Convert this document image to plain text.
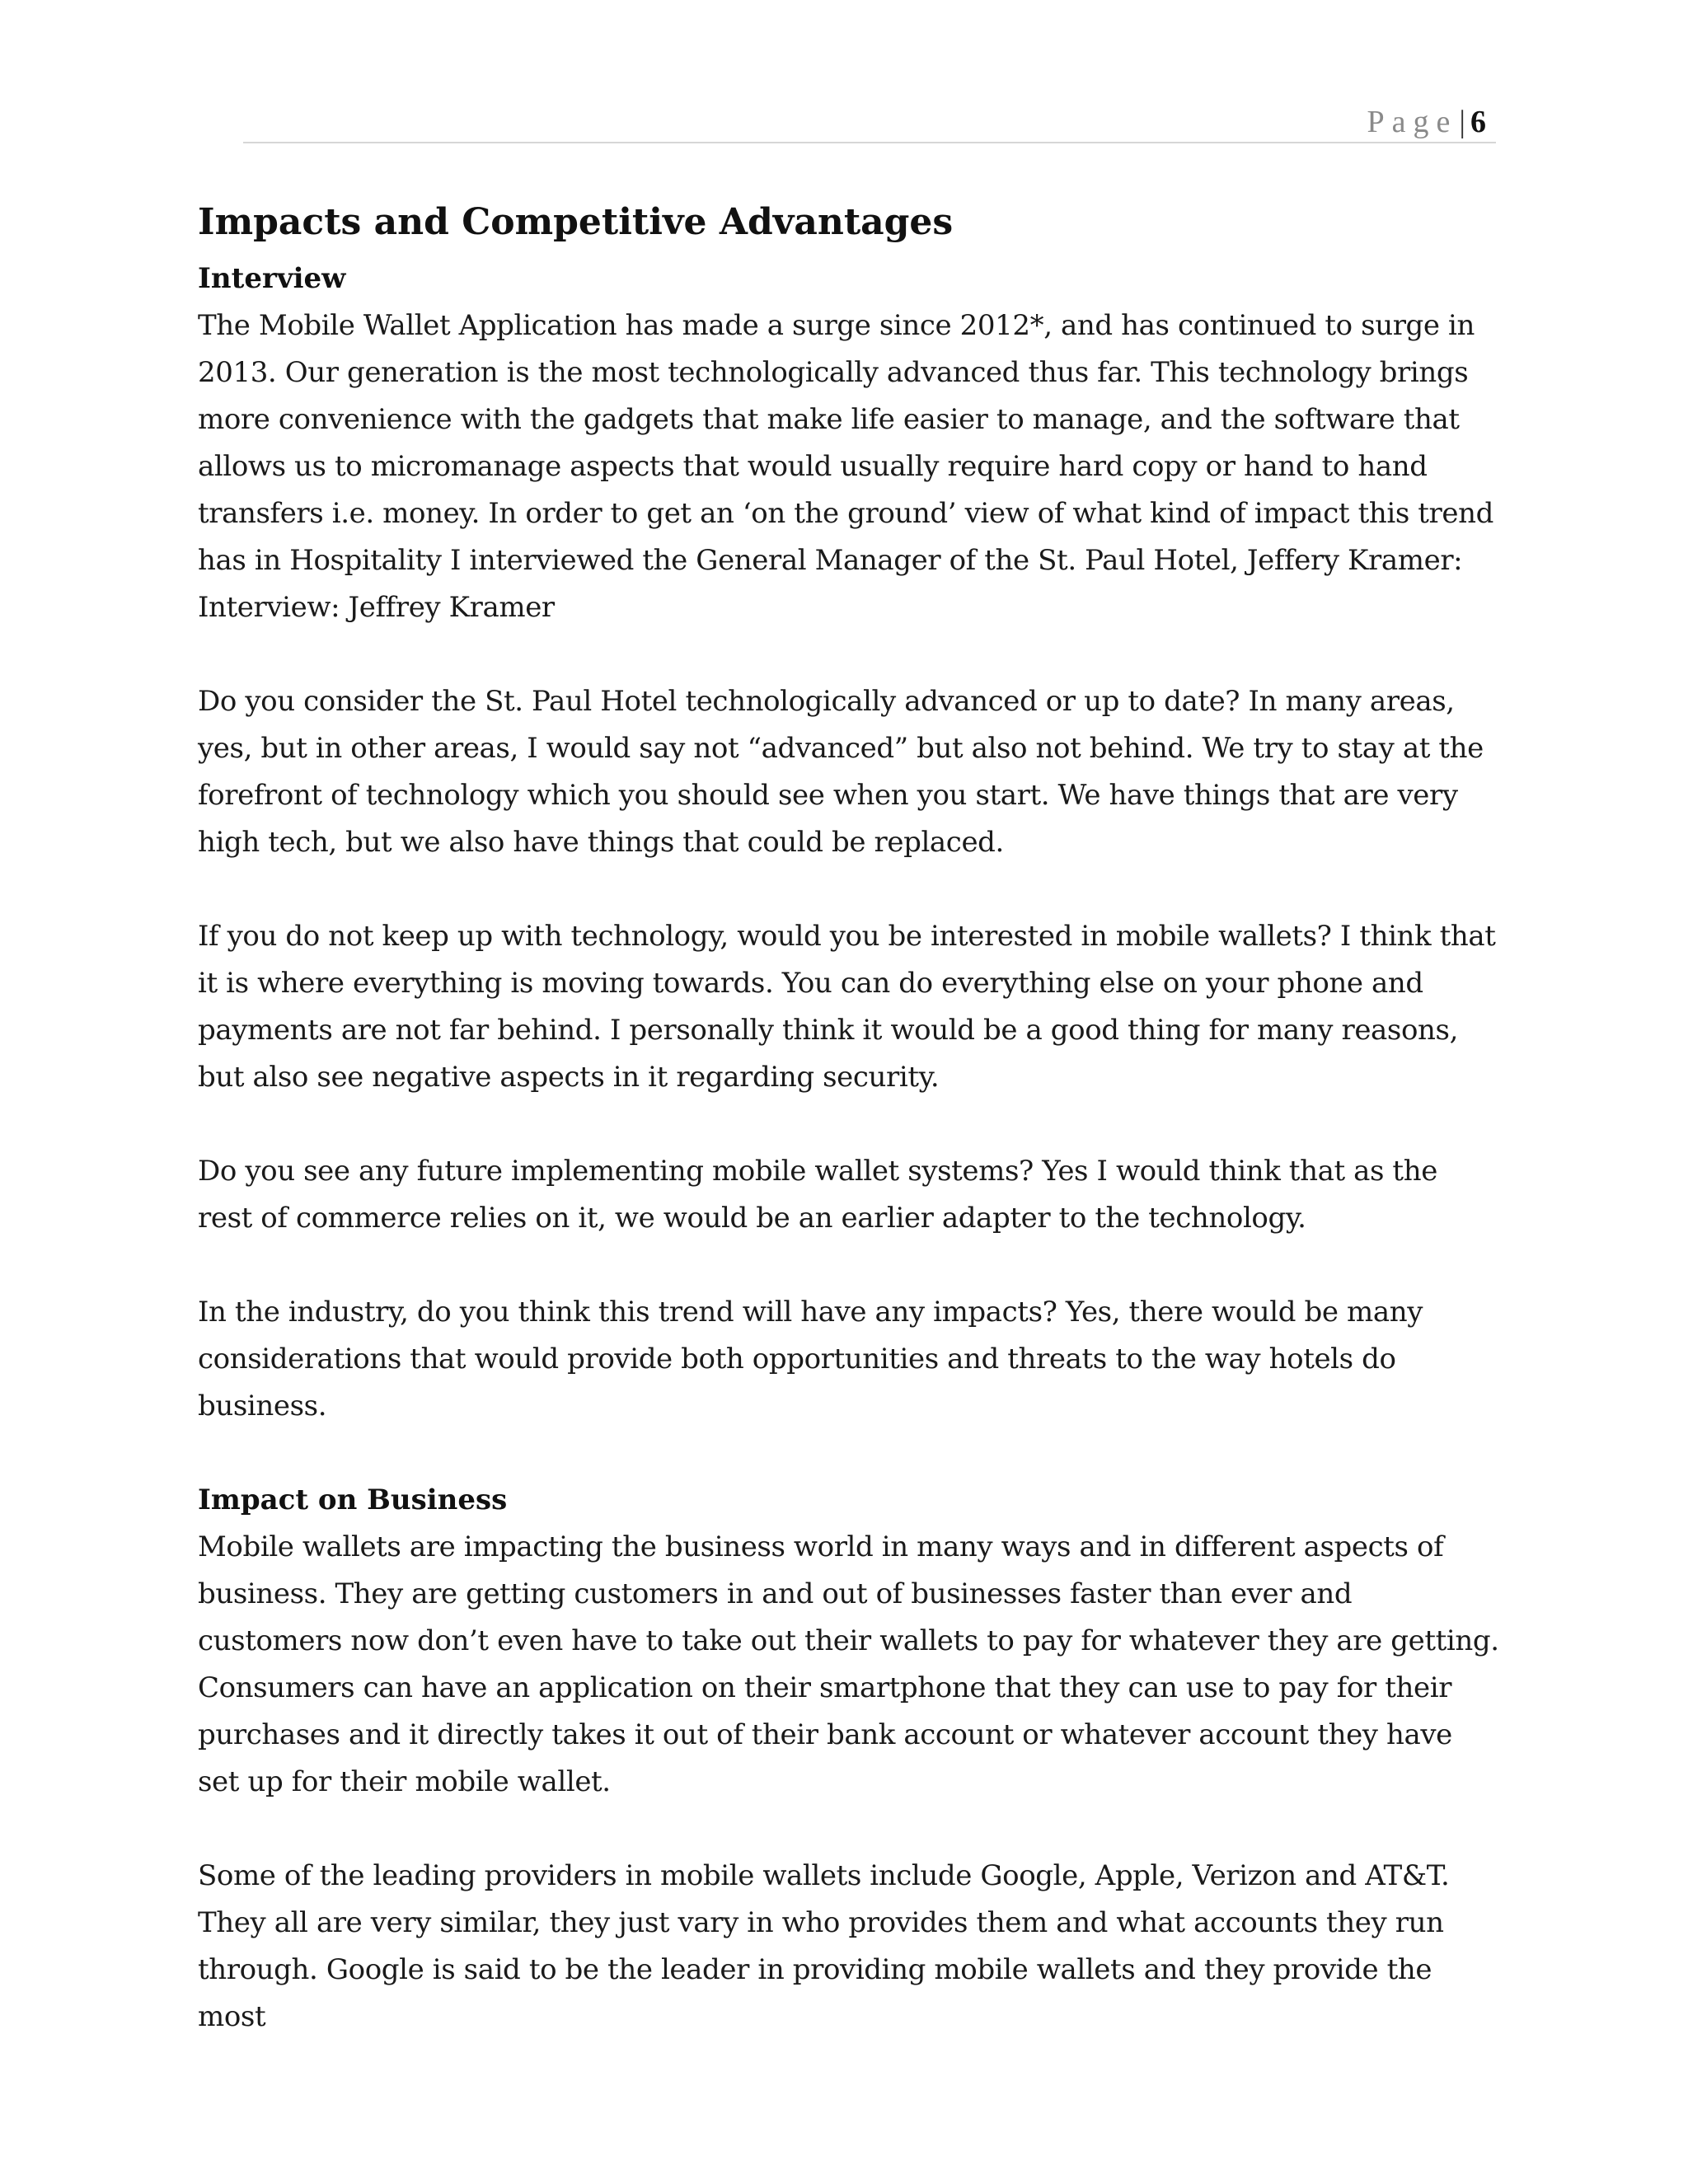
Page| 6
Impacts and Competitive Advantages
Interview

The Mobile Wallet Application has made a surge since 2012*, and has continued to surge in 2013. Our generation is the most technologically advanced thus far. This technology brings more convenience with the gadgets that make life easier to manage, and the software that allows us to micromanage aspects that would usually require hard copy or hand to hand transfers i.e. money. In order to get an ‘on the ground’ view of what kind of impact this trend has in Hospitality I interviewed the General Manager of the St. Paul Hotel, Jeffery Kramer:

Interview: Jeffrey Kramer

Do you consider the St. Paul Hotel technologically advanced or up to date? In many areas, yes, but in other areas, I would say not “advanced” but also not behind. We try to stay at the forefront of technology which you should see when you start. We have things that are very high tech, but we also have things that could be replaced.

If you do not keep up with technology, would you be interested in mobile wallets? I think that it is where everything is moving towards. You can do everything else on your phone and payments are not far behind. I personally think it would be a good thing for many reasons, but also see negative aspects in it regarding security.

Do you see any future implementing mobile wallet systems? Yes I would think that as the rest of commerce relies on it, we would be an earlier adapter to the technology.

In the industry, do you think this trend will have any impacts? Yes, there would be many considerations that would provide both opportunities and threats to the way hotels do business.

Impact on Business

Mobile wallets are impacting the business world in many ways and in different aspects of business. They are getting customers in and out of businesses faster than ever and customers now don’t even have to take out their wallets to pay for whatever they are getting. Consumers can have an application on their smartphone that they can use to pay for their purchases and it directly takes it out of their bank account or whatever account they have set up for their mobile wallet.

Some of the leading providers in mobile wallets include Google, Apple, Verizon and AT&T. They all are very similar, they just vary in who provides them and what accounts they run through. Google is said to be the leader in providing mobile wallets and they provide the most
